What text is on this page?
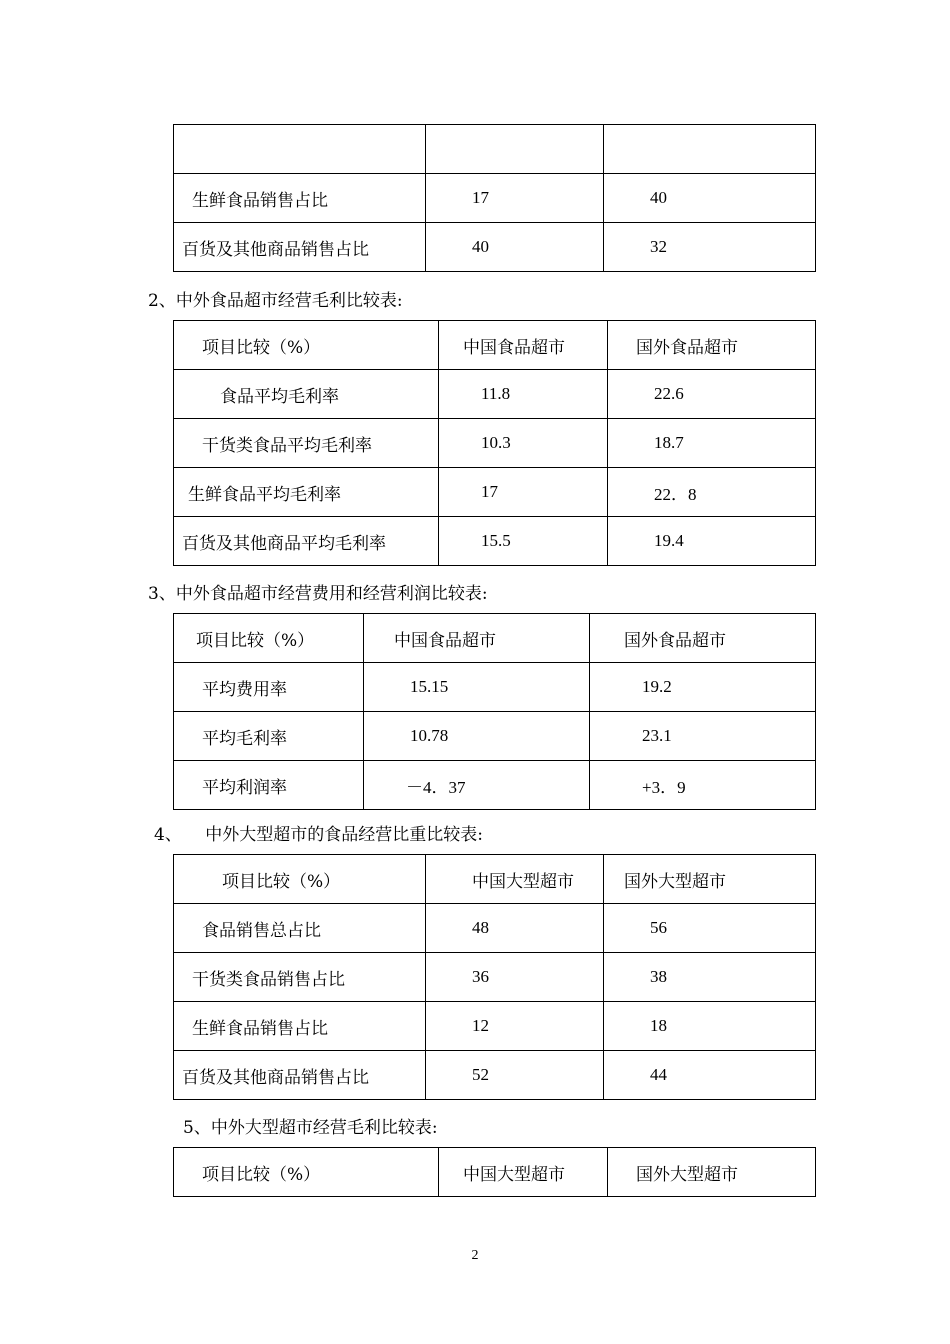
生鲜食品销售占比	17	40
百货及其他商品销售占比	40	32
2、中外食品超市经营毛利比较表:
项目比较（%）	中国食品超市	国外食品超市
食品平均毛利率	11.8	22.6
干货类食品平均毛利率	10.3	18.7
生鲜食品平均毛利率	17	22．8
百货及其他商品平均毛利率	15.5	19.4
3、中外食品超市经营费用和经营利润比较表:
项目比较（%）	中国食品超市	国外食品超市
平均费用率	15.15	19.2
平均毛利率	10.78	23.1
平均利润率	－4．37	+3．9
4、 中外大型超市的食品经营比重比较表:
项目比较（%）	中国大型超市	国外大型超市
食品销售总占比	48	56
干货类食品销售占比	36	38
生鲜食品销售占比	12	18
百货及其他商品销售占比	52	44
5、中外大型超市经营毛利比较表:
项目比较（%）	中国大型超市	国外大型超市
2
